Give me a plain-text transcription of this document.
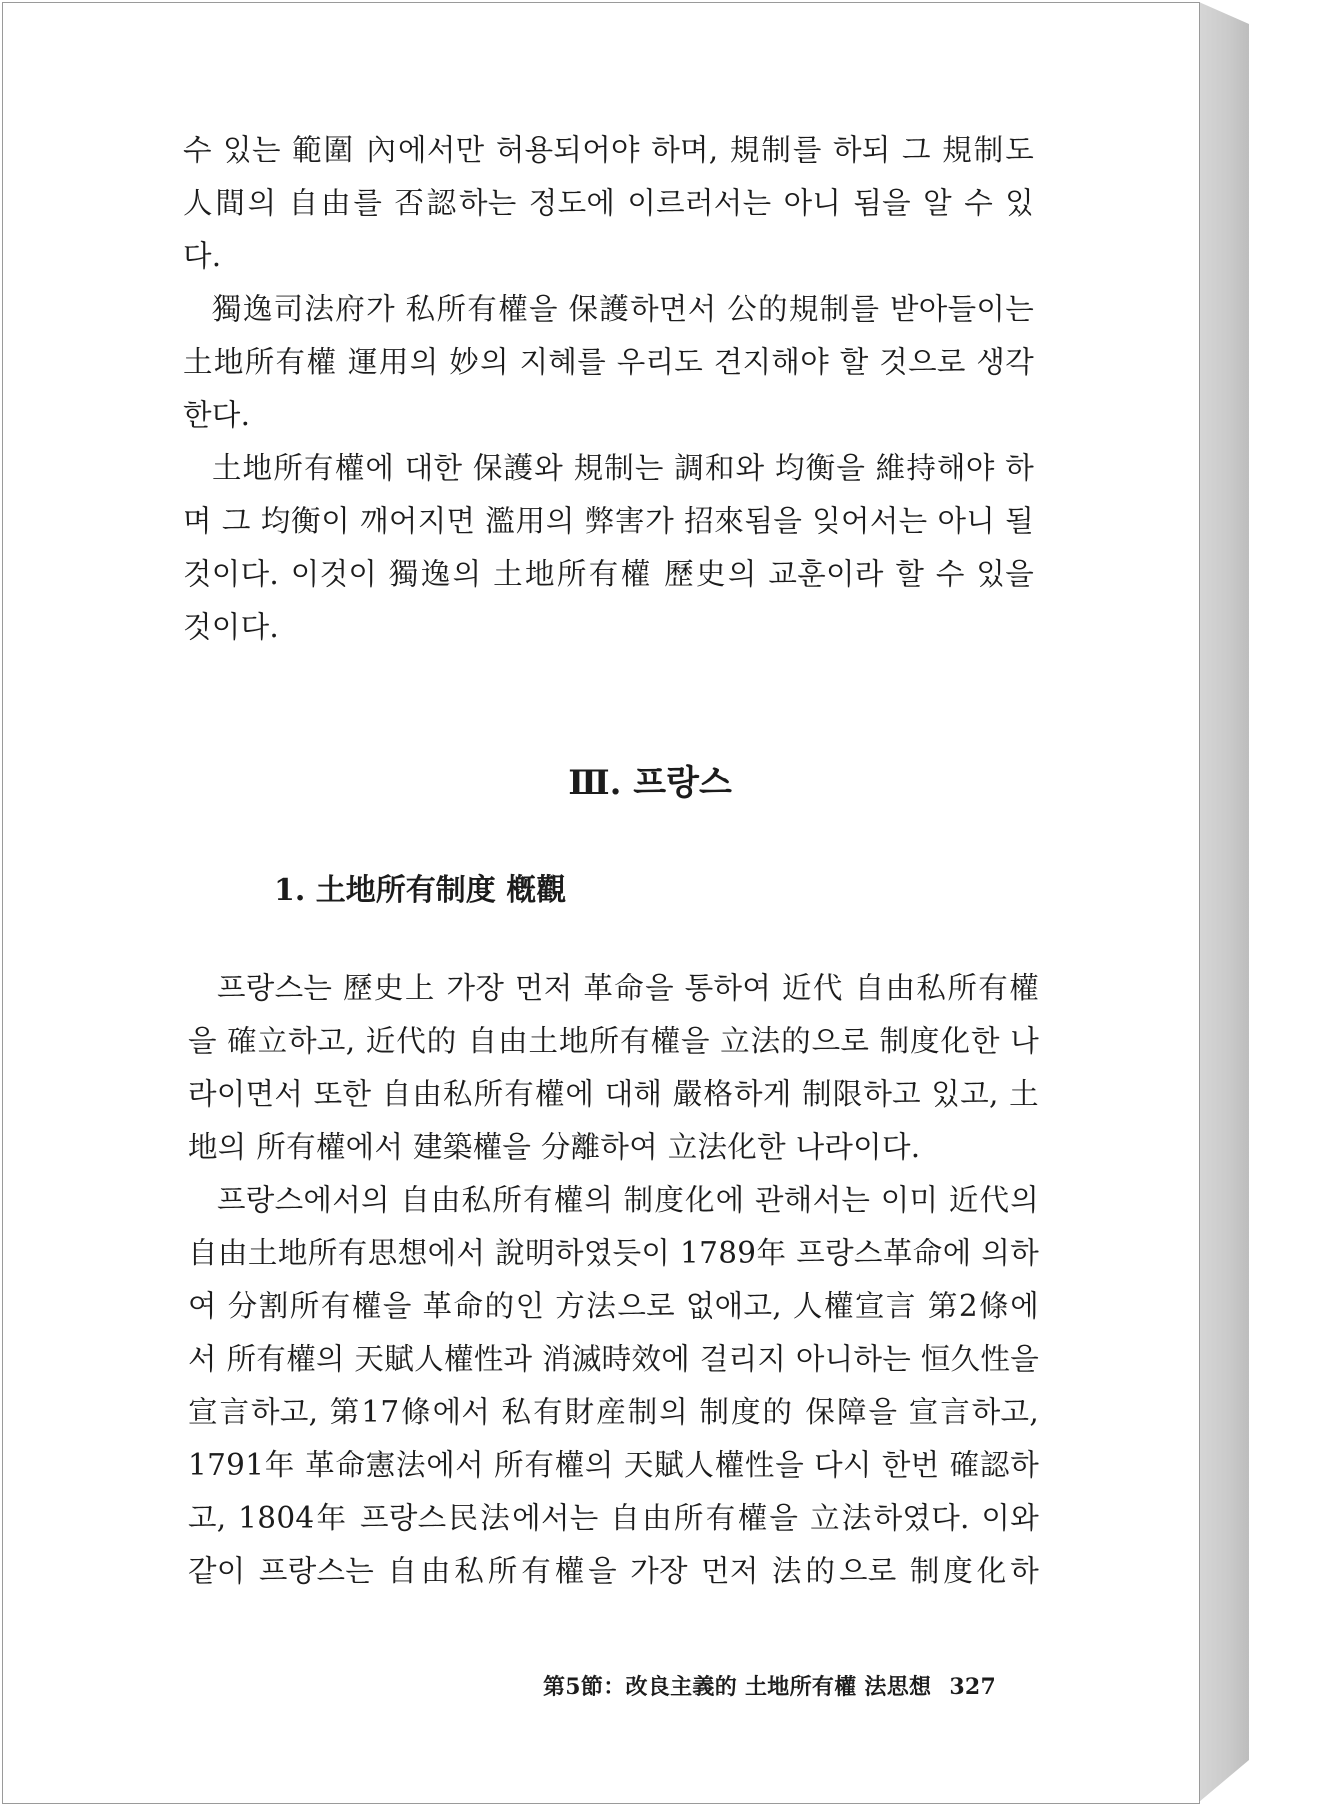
수 있는 範圍 內에서만 허용되어야 하며, 規制를 하되 그 規制도 人間의 自由를 否認하는 정도에 이르러서는 아니 됨을 알 수 있다.

獨逸司法府가 私所有權을 保護하면서 公的規制를 받아들이는 土地所有權 運用의 妙의 지혜를 우리도 견지해야 할 것으로 생각한다.

土地所有權에 대한 保護와 規制는 調和와 均衡을 維持해야 하며 그 均衡이 깨어지면 濫用의 弊害가 招來됨을 잊어서는 아니 될 것이다. 이것이 獨逸의 土地所有權 歷史의 교훈이라 할 수 있을 것이다.

Ⅲ. 프랑스
1. 土地所有制度 槪觀

프랑스는 歷史上 가장 먼저 革命을 통하여 近代 自由私所有權을 確立하고, 近代的 自由土地所有權을 立法的으로 制度化한 나라이면서 또한 自由私所有權에 대해 嚴格하게 制限하고 있고, 土地의 所有權에서 建築權을 分離하여 立法化한 나라이다.

프랑스에서의 自由私所有權의 制度化에 관해서는 이미 近代의 自由土地所有思想에서 說明하였듯이 1789年 프랑스革命에 의하여 分割所有權을 革命的인 方法으로 없애고, 人權宣言 第2條에서 所有權의 天賦人權性과 消滅時效에 걸리지 아니하는 恒久性을 宣言하고, 第17條에서 私有財産制의 制度的 保障을 宣言하고, 1791年 革命憲法에서 所有權의 天賦人權性을 다시 한번 確認하고, 1804年 프랑스民法에서는 自由所有權을 立法하였다. 이와 같이 프랑스는 自由私所有權을 가장 먼저 法的으로 制度化하

第5節：改良主義的 土地所有權 法思想 327
